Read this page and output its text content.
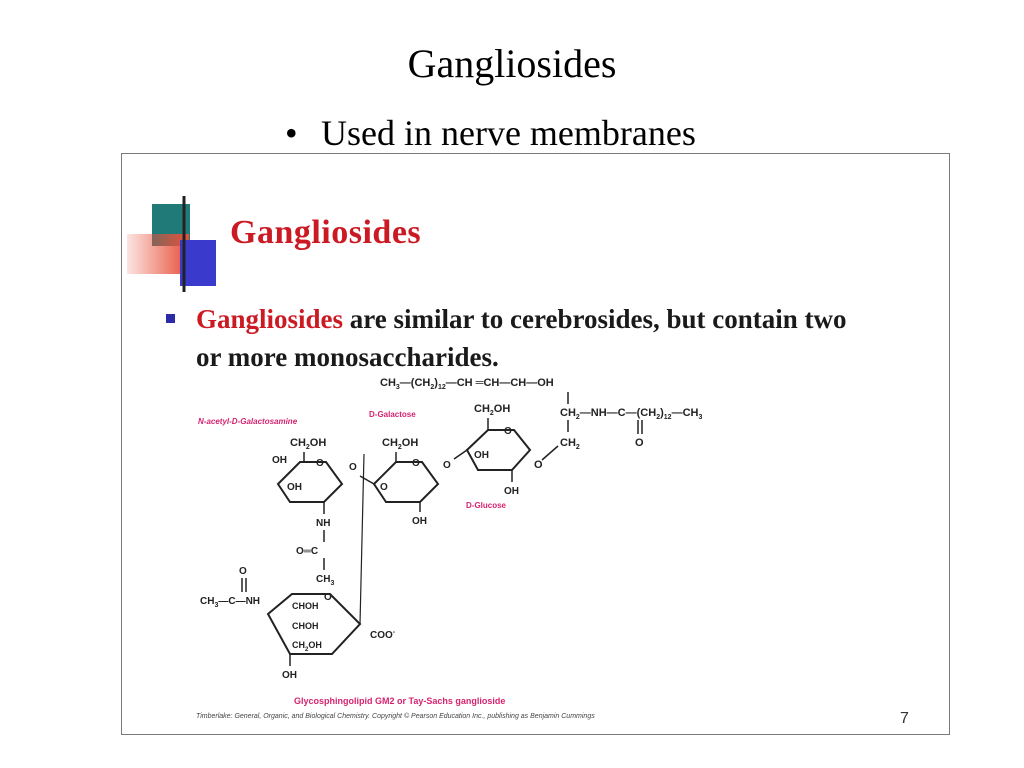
Gangliosides
• Used in nerve membranes
$CH_3—(CH_2)_{12}—CH$ ═CH—CH—OH
$CH_2—NH—C—(CH_2)_{12}—CH_3$
O
$CH_2$
O
N-acetyl-D-Galactosamine
D-Galactose
D-Glucose
Glycosphingolipid GM2 or Tay-Sachs ganglioside
$CH_2OH$
O
OH
OH
O
$CH_2OH$
O
O
OH
O
$CH_2OH$
O
OH
OH
NH
O═C
$CH_3$
O
CHOH
CHOH
$CH_2OH$
COO-
$CH_3—C—NH$
O
OH
Gangliosides
Gangliosides are similar to cerebrosides, but contain two or more monosaccharides.
Timberlake: General, Organic, and Biological Chemistry. Copyright © Pearson Education Inc., publishing as Benjamin Cummings	7
